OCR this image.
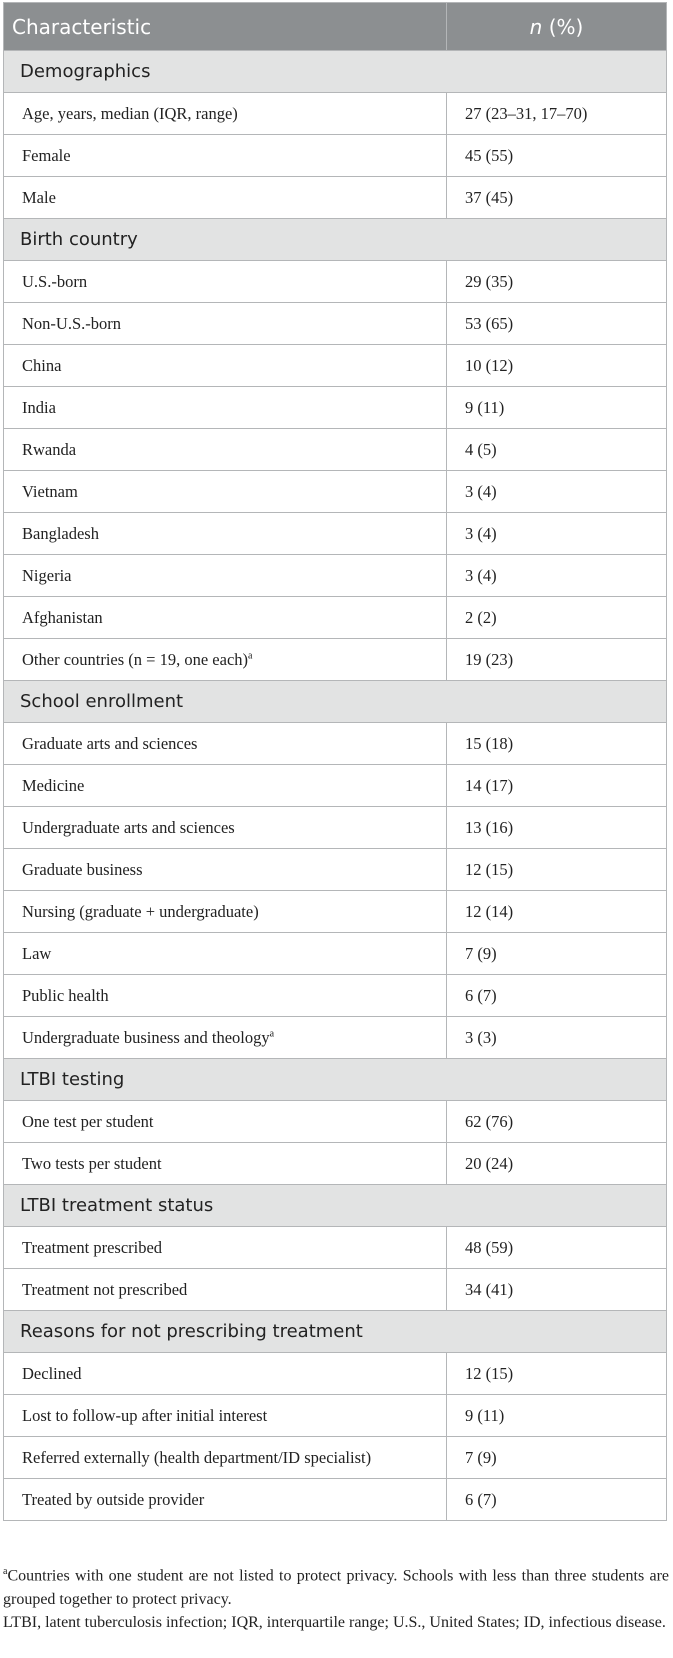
Characteristic	n (%)
Demographics	
Age, years, median (IQR, range)	27 (23–31, 17–70)
Female	45 (55)
Male	37 (45)
Birth country	
U.S.-born	29 (35)
Non-U.S.-born	53 (65)
China	10 (12)
India	9 (11)
Rwanda	4 (5)
Vietnam	3 (4)
Bangladesh	3 (4)
Nigeria	3 (4)
Afghanistan	2 (2)
Other countries (n = 19, one each)$^a$	19 (23)
School enrollment	
Graduate arts and sciences	15 (18)
Medicine	14 (17)
Undergraduate arts and sciences	13 (16)
Graduate business	12 (15)
Nursing (graduate + undergraduate)	12 (14)
Law	7 (9)
Public health	6 (7)
Undergraduate business and theology$^a$	3 (3)
LTBI testing	
One test per student	62 (76)
Two tests per student	20 (24)
LTBI treatment status	
Treatment prescribed	48 (59)
Treatment not prescribed	34 (41)
Reasons for not prescribing treatment	
Declined	12 (15)
Lost to follow-up after initial interest	9 (11)
Referred externally (health department/ID specialist)	7 (9)
Treated by outside provider	6 (7)

$^a$Countries with one student are not listed to protect privacy. Schools with less than three students are grouped together to protect privacy.

LTBI, latent tuberculosis infection; IQR, interquartile range; U.S., United States; ID, infectious disease.
